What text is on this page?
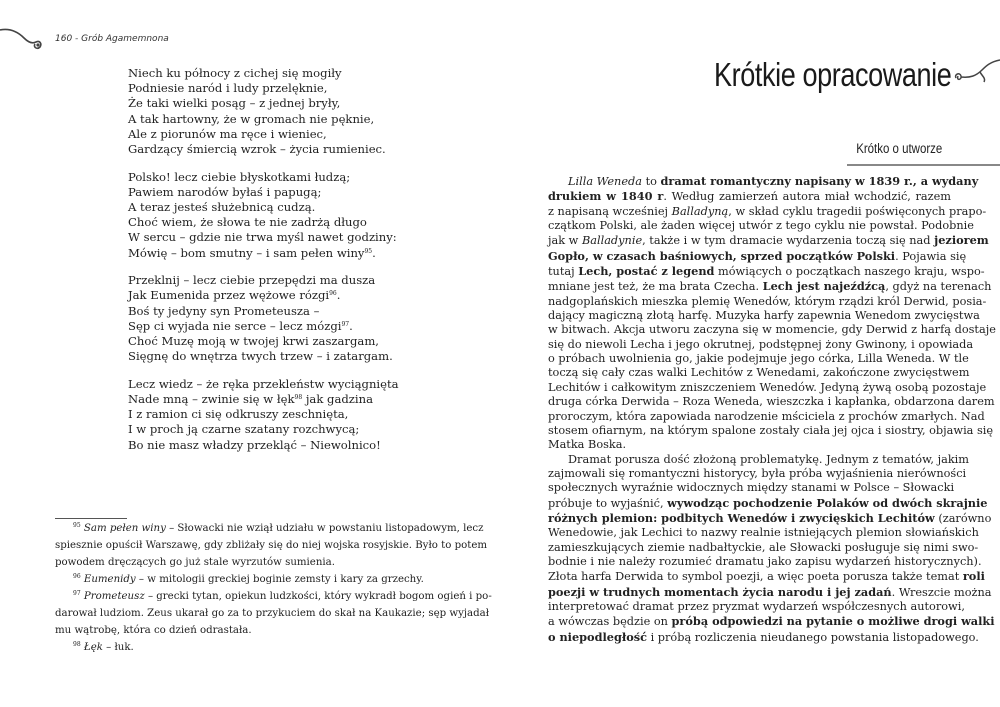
160 - Grób Agamemnona
Niech ku północy z cichej się mogiły
Podniesie naród i ludy przelęknie,
Że taki wielki posąg – z jednej bryły,
A tak hartowny, że w gromach nie pęknie,
Ale z piorunów ma ręce i wieniec,
Gardzący śmiercią wzrok – życia rumieniec.
Polsko! lecz ciebie błyskotkami łudzą;
Pawiem narodów byłaś i papugą;
A teraz jesteś służebnicą cudzą.
Choć wiem, że słowa te nie zadrżą długo
W sercu – gdzie nie trwa myśl nawet godziny:
Mówię – bom smutny – i sam pełen winy$^{95}$.
Przeklnij – lecz ciebie przepędzi ma dusza
Jak Eumenida przez wężowe rózgi$^{96}$.
Boś ty jedyny syn Prometeusza –
Sęp ci wyjada nie serce – lecz mózgi$^{97}$.
Choć Muzę moją w twojej krwi zaszargam,
Sięgnę do wnętrza twych trzew – i zatargam.
Lecz wiedz – że ręka przekleństw wyciągnięta
Nade mną – zwinie się w łęk$^{98}$ jak gadzina
I z ramion ci się odkruszy zeschnięta,
I w proch ją czarne szatany rozchwycą;
Bo nie masz władzy przekląć – Niewolnico!
$^{95}$ Sam pełen winy – Słowacki nie wziął udziału w powstaniu listopadowym, lecz
spiesznie opuścił Warszawę, gdy zbliżały się do niej wojska rosyjskie. Było to potem
powodem dręczących go już stale wyrzutów sumienia.
$^{96}$ Eumenidy – w mitologii greckiej boginie zemsty i kary za grzechy.
$^{97}$ Prometeusz – grecki tytan, opiekun ludzkości, który wykradł bogom ogień i po-
darował ludziom. Zeus ukarał go za to przykuciem do skał na Kaukazie; sęp wyjadał
mu wątrobę, która co dzień odrastała.
$^{98}$ Łęk – łuk.
Krótkie opracowanie
Krótko o utworze
Lilla Weneda to dramat romantyczny napisany w 1839 r., a wydany
drukiem w 1840 r. Według zamierzeń autora miał wchodzić, razem
z napisaną wcześniej Balladyną, w skład cyklu tragedii poświęconych prapo-
czątkom Polski, ale żaden więcej utwór z tego cyklu nie powstał. Podobnie
jak w Balladynie, także i w tym dramacie wydarzenia toczą się nad jeziorem
Gopło, w czasach baśniowych, sprzed początków Polski. Pojawia się
tutaj Lech, postać z legend mówiących o początkach naszego kraju, wspo-
mniane jest też, że ma brata Czecha. Lech jest najeźdźcą, gdyż na terenach
nadgoplańskich mieszka plemię Wenedów, którym rządzi król Derwid, posia-
dający magiczną złotą harfę. Muzyka harfy zapewnia Wenedom zwycięstwa
w bitwach. Akcja utworu zaczyna się w momencie, gdy Derwid z harfą dostaje
się do niewoli Lecha i jego okrutnej, podstępnej żony Gwinony, i opowiada
o próbach uwolnienia go, jakie podejmuje jego córka, Lilla Weneda. W tle
toczą się cały czas walki Lechitów z Wenedami, zakończone zwycięstwem
Lechitów i całkowitym zniszczeniem Wenedów. Jedyną żywą osobą pozostaje
druga córka Derwida – Roza Weneda, wieszczka i kapłanka, obdarzona darem
proroczym, która zapowiada narodzenie mściciela z prochów zmarłych. Nad
stosem ofiarnym, na którym spalone zostały ciała jej ojca i siostry, objawia się
Matka Boska.
Dramat porusza dość złożoną problematykę. Jednym z tematów, jakim
zajmowali się romantyczni historycy, była próba wyjaśnienia nierówności
społecznych wyraźnie widocznych między stanami w Polsce – Słowacki
próbuje to wyjaśnić, wywodząc pochodzenie Polaków od dwóch skrajnie
różnych plemion: podbitych Wenedów i zwycięskich Lechitów (zarówno
Wenedowie, jak Lechici to nazwy realnie istniejących plemion słowiańskich
zamieszkujących ziemie nadbałtyckie, ale Słowacki posługuje się nimi swo-
bodnie i nie należy rozumieć dramatu jako zapisu wydarzeń historycznych).
Złota harfa Derwida to symbol poezji, a więc poeta porusza także temat roli
poezji w trudnych momentach życia narodu i jej zadań. Wreszcie można
interpretować dramat przez pryzmat wydarzeń współczesnych autorowi,
a wówczas będzie on próbą odpowiedzi na pytanie o możliwe drogi walki
o niepodległość i próbą rozliczenia nieudanego powstania listopadowego.
